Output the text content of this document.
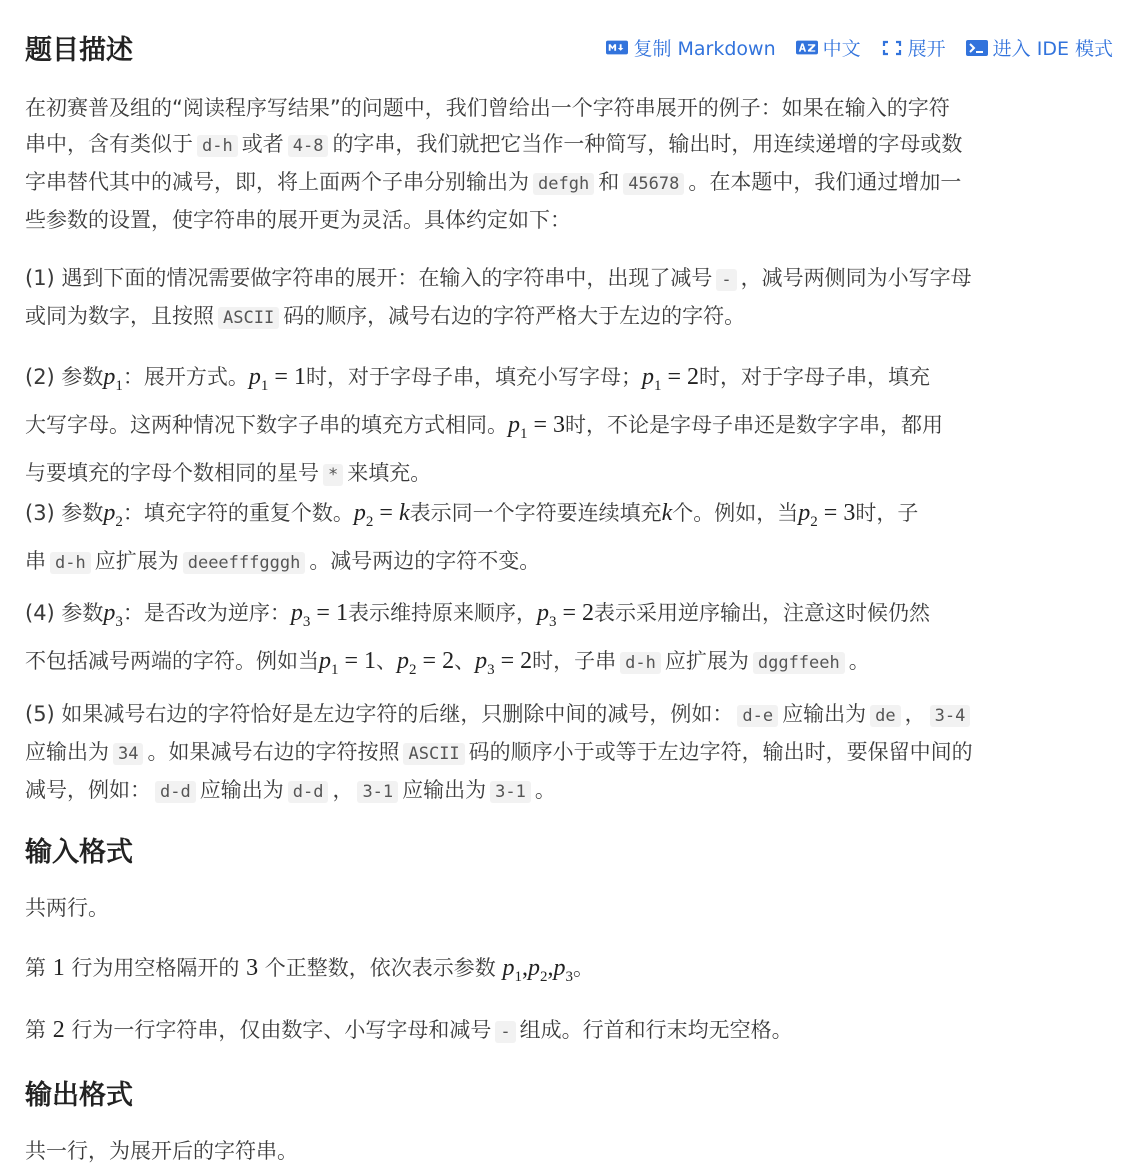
题目描述	复制 Markdown 中文 展开 进入 IDE 模式
在初赛普及组的“阅读程序写结果”的问题中，我们曾给出一个字符串展开的例子：如果在输入的字符
串中，含有类似于 d-h 或者 4-8 的字串，我们就把它当作一种简写，输出时，用连续递增的字母或数
字串替代其中的减号，即，将上面两个子串分别输出为 defgh 和 45678 。在本题中，我们通过增加一
些参数的设置，使字符串的展开更为灵活。具体约定如下：
(1) 遇到下面的情况需要做字符串的展开：在输入的字符串中，出现了减号 - ，减号两侧同为小写字母
或同为数字，且按照 ASCII 码的顺序，减号右边的字符严格大于左边的字符。
(2) 参数$p_1$：展开方式。$p_1 = 1$时，对于字母子串，填充小写字母；$p_1 = 2$时，对于字母子串，填充
大写字母。这两种情况下数字子串的填充方式相同。$p_1 = 3$时，不论是字母子串还是数字字串，都用
与要填充的字母个数相同的星号 * 来填充。
(3) 参数$p_2$：填充字符的重复个数。$p_2 = k$表示同一个字符要连续填充k个。例如，当$p_2 = 3$时，子
串 d-h 应扩展为 deeefffgggh 。减号两边的字符不变。
(4) 参数$p_3$：是否改为逆序：$p_3 = 1$表示维持原来顺序，$p_3 = 2$表示采用逆序输出，注意这时候仍然
不包括减号两端的字符。例如当$p_1 = 1$、$p_2 = 2$、$p_3 = 2$时，子串 d-h 应扩展为 dggffeeh 。
(5) 如果减号右边的字符恰好是左边字符的后继，只删除中间的减号，例如： d-e 应输出为 de ， 3-4
应输出为 34 。如果减号右边的字符按照 ASCII 码的顺序小于或等于左边字符，输出时，要保留中间的
减号，例如： d-d 应输出为 d-d ， 3-1 应输出为 3-1 。
输入格式
共两行。
第 1 行为用空格隔开的 3 个正整数，依次表示参数 $p_1,p_2,p_3$。
第 2 行为一行字符串，仅由数字、小写字母和减号 - 组成。行首和行末均无空格。
输出格式
共一行，为展开后的字符串。
